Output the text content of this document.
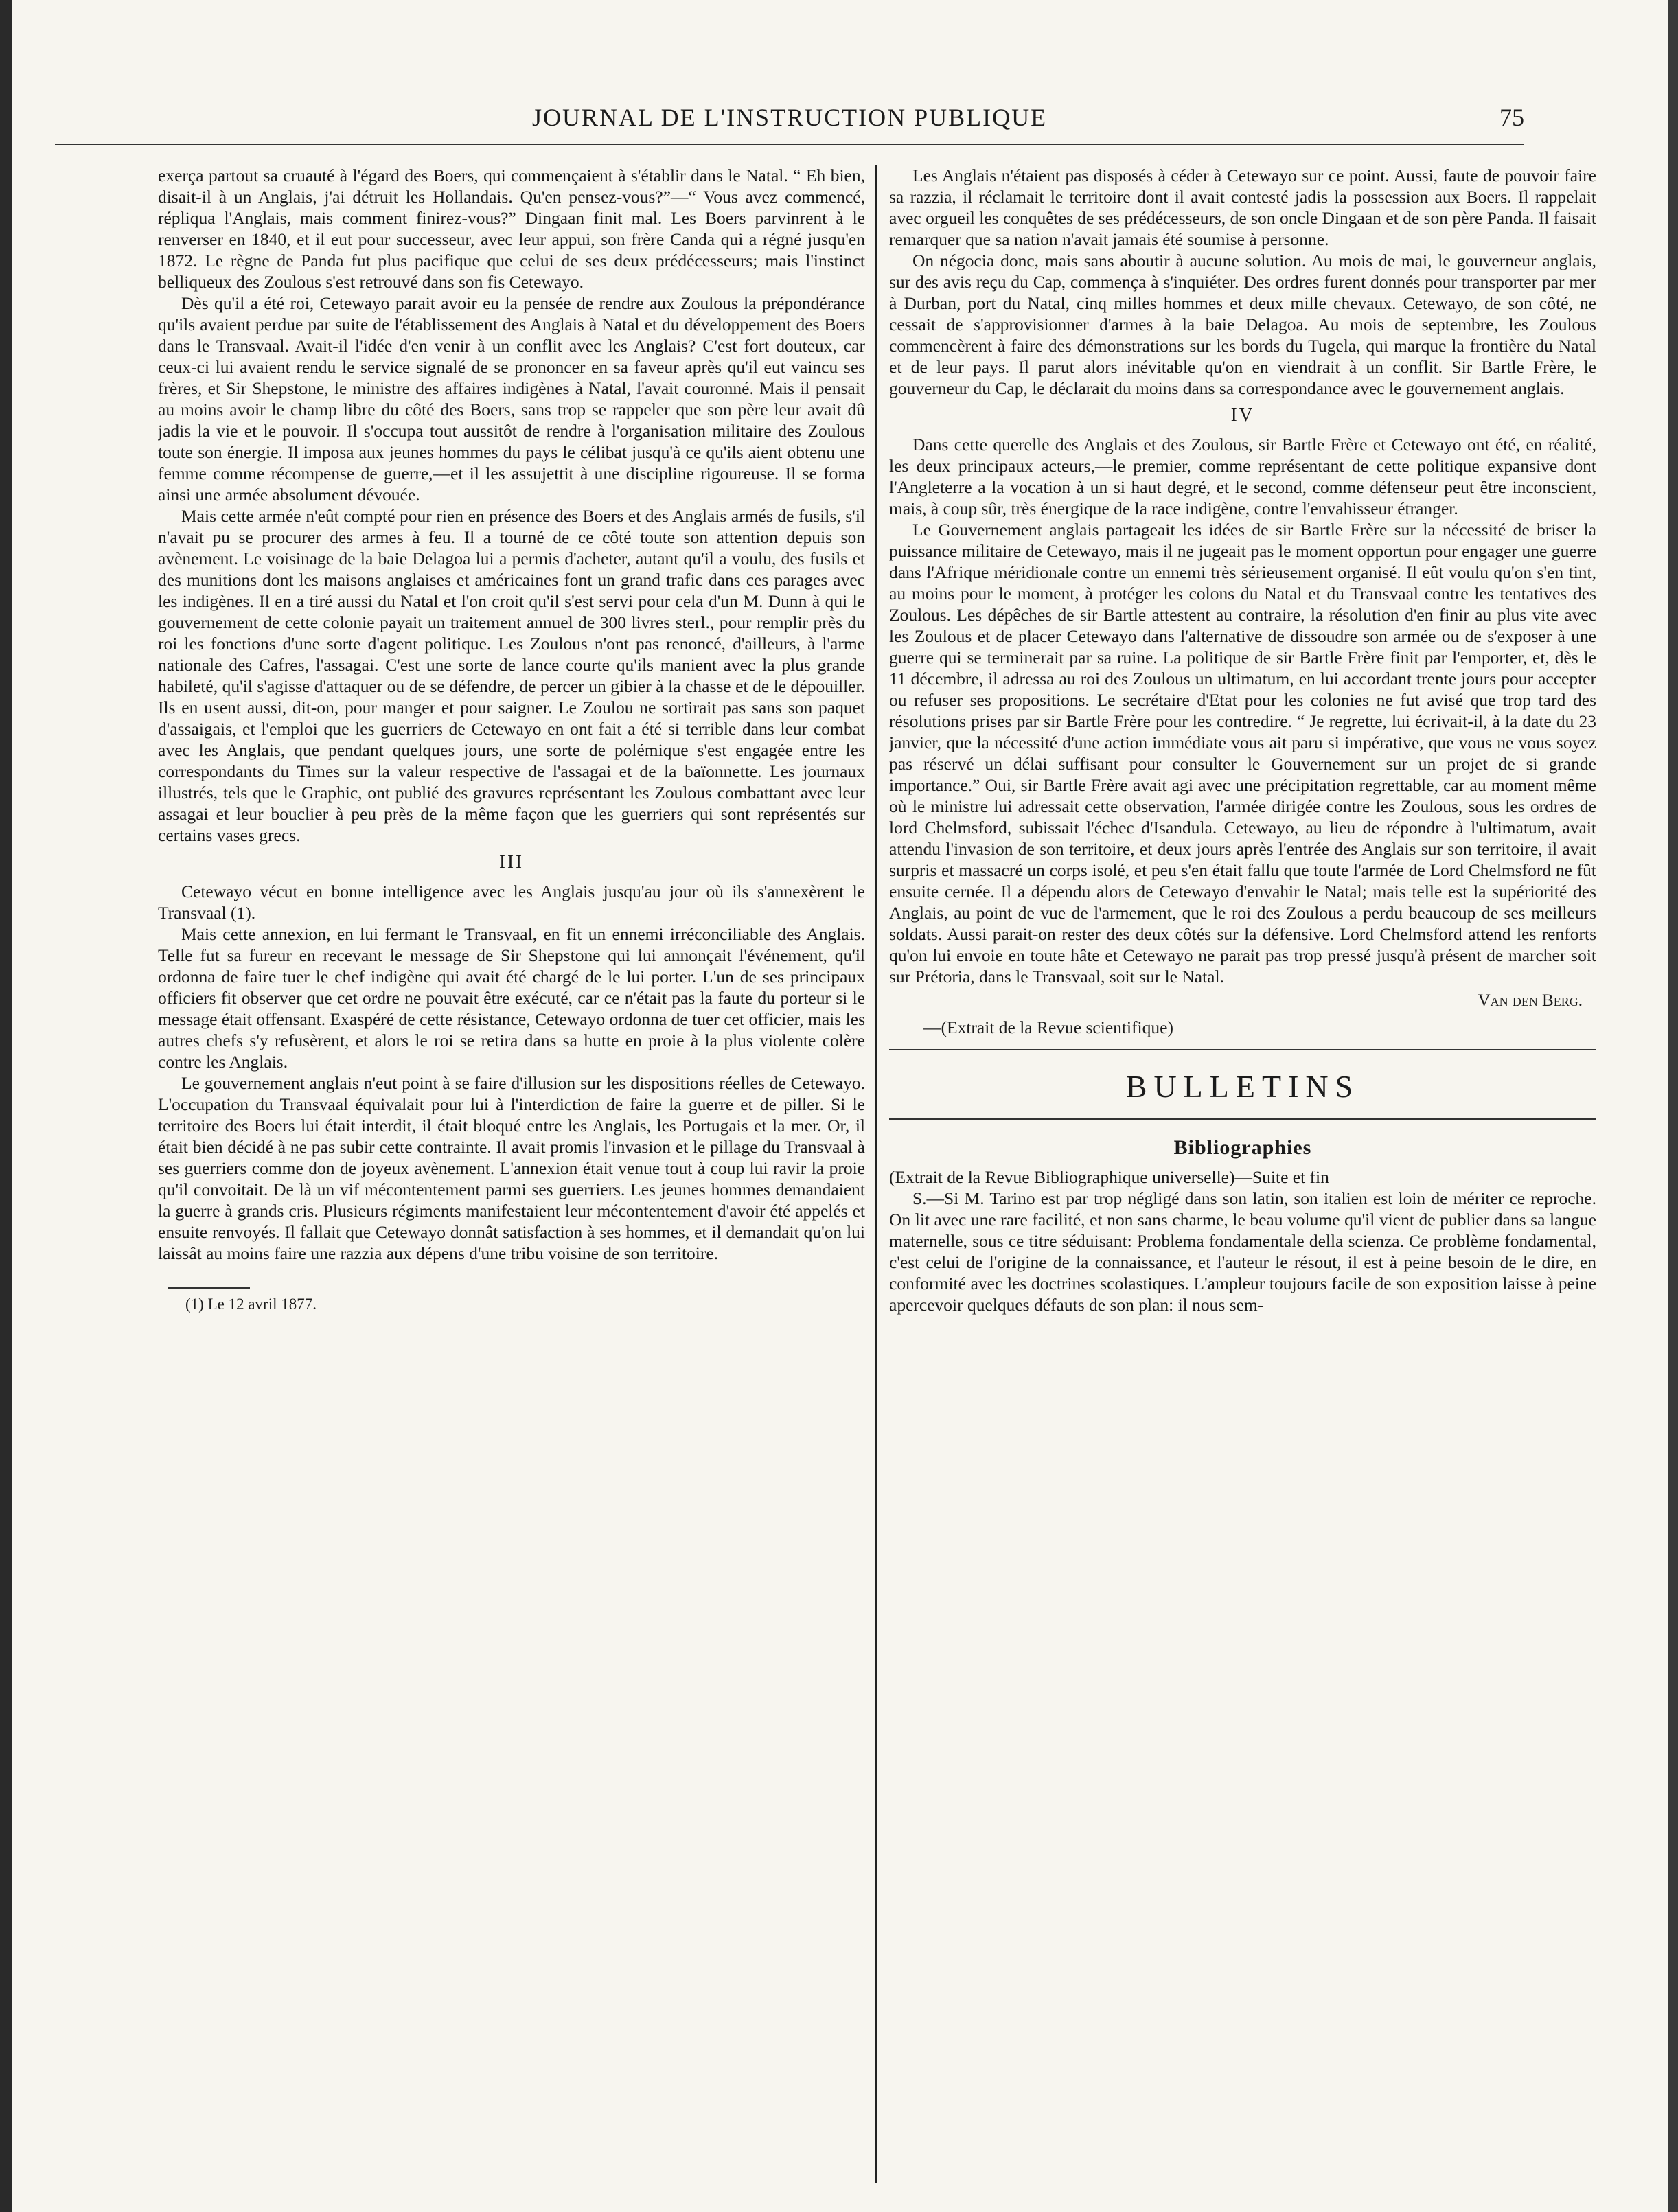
JOURNAL DE L'INSTRUCTION PUBLIQUE	75

exerça partout sa cruauté à l'égard des Boers, qui commençaient à s'établir dans le Natal. “ Eh bien, disait-il à un Anglais, j'ai détruit les Hollandais. Qu'en pensez-vous?”—“ Vous avez commencé, répliqua l'Anglais, mais comment finirez-vous?” Dingaan finit mal. Les Boers parvinrent à le renverser en 1840, et il eut pour successeur, avec leur appui, son frère Canda qui a régné jusqu'en 1872. Le règne de Panda fut plus pacifique que celui de ses deux prédécesseurs; mais l'instinct belliqueux des Zoulous s'est retrouvé dans son fis Cetewayo.

Dès qu'il a été roi, Cetewayo parait avoir eu la pensée de rendre aux Zoulous la prépondérance qu'ils avaient perdue par suite de l'établissement des Anglais à Natal et du développement des Boers dans le Transvaal. Avait-il l'idée d'en venir à un conflit avec les Anglais? C'est fort douteux, car ceux-ci lui avaient rendu le service signalé de se prononcer en sa faveur après qu'il eut vaincu ses frères, et Sir Shepstone, le ministre des affaires indigènes à Natal, l'avait couronné. Mais il pensait au moins avoir le champ libre du côté des Boers, sans trop se rappeler que son père leur avait dû jadis la vie et le pouvoir. Il s'occupa tout aussitôt de rendre à l'organisation militaire des Zoulous toute son énergie. Il imposa aux jeunes hommes du pays le célibat jusqu'à ce qu'ils aient obtenu une femme comme récompense de guerre,—et il les assujettit à une discipline rigoureuse. Il se forma ainsi une armée absolument dévouée.

Mais cette armée n'eût compté pour rien en présence des Boers et des Anglais armés de fusils, s'il n'avait pu se procurer des armes à feu. Il a tourné de ce côté toute son attention depuis son avènement. Le voisinage de la baie Delagoa lui a permis d'acheter, autant qu'il a voulu, des fusils et des munitions dont les maisons anglaises et américaines font un grand trafic dans ces parages avec les indigènes. Il en a tiré aussi du Natal et l'on croit qu'il s'est servi pour cela d'un M. Dunn à qui le gouvernement de cette colonie payait un traitement annuel de 300 livres sterl., pour remplir près du roi les fonctions d'une sorte d'agent politique. Les Zoulous n'ont pas renoncé, d'ailleurs, à l'arme nationale des Cafres, l'assagai. C'est une sorte de lance courte qu'ils manient avec la plus grande habileté, qu'il s'agisse d'attaquer ou de se défendre, de percer un gibier à la chasse et de le dépouiller. Ils en usent aussi, dit-on, pour manger et pour saigner. Le Zoulou ne sortirait pas sans son paquet d'assaigais, et l'emploi que les guerriers de Cetewayo en ont fait a été si terrible dans leur combat avec les Anglais, que pendant quelques jours, une sorte de polémique s'est engagée entre les correspondants du Times sur la valeur respective de l'assagai et de la baïonnette. Les journaux illustrés, tels que le Graphic, ont publié des gravures représentant les Zoulous combattant avec leur assagai et leur bouclier à peu près de la même façon que les guerriers qui sont représentés sur certains vases grecs.

III

Cetewayo vécut en bonne intelligence avec les Anglais jusqu'au jour où ils s'annexèrent le Transvaal (1).

Mais cette annexion, en lui fermant le Transvaal, en fit un ennemi irréconciliable des Anglais. Telle fut sa fureur en recevant le message de Sir Shepstone qui lui annonçait l'événement, qu'il ordonna de faire tuer le chef indigène qui avait été chargé de le lui porter. L'un de ses principaux officiers fit observer que cet ordre ne pouvait être exécuté, car ce n'était pas la faute du porteur si le message était offensant. Exaspéré de cette résistance, Cetewayo ordonna de tuer cet officier, mais les autres chefs s'y refusèrent, et alors le roi se retira dans sa hutte en proie à la plus violente colère contre les Anglais.

Le gouvernement anglais n'eut point à se faire d'illusion sur les dispositions réelles de Cetewayo. L'occupation du Transvaal équivalait pour lui à l'interdiction de faire la guerre et de piller. Si le territoire des Boers lui était interdit, il était bloqué entre les Anglais, les Portugais et la mer. Or, il était bien décidé à ne pas subir cette contrainte. Il avait promis l'invasion et le pillage du Transvaal à ses guerriers comme don de joyeux avènement. L'annexion était venue tout à coup lui ravir la proie qu'il convoitait. De là un vif mécontentement parmi ses guerriers. Les jeunes hommes demandaient la guerre à grands cris. Plusieurs régiments manifestaient leur mécontentement d'avoir été appelés et ensuite renvoyés. Il fallait que Cetewayo donnât satisfaction à ses hommes, et il demandait qu'on lui laissât au moins faire une razzia aux dépens d'une tribu voisine de son territoire.

(1) Le 12 avril 1877.

Les Anglais n'étaient pas disposés à céder à Cetewayo sur ce point. Aussi, faute de pouvoir faire sa razzia, il réclamait le territoire dont il avait contesté jadis la possession aux Boers. Il rappelait avec orgueil les conquêtes de ses prédécesseurs, de son oncle Dingaan et de son père Panda. Il faisait remarquer que sa nation n'avait jamais été soumise à personne.

On négocia donc, mais sans aboutir à aucune solution. Au mois de mai, le gouverneur anglais, sur des avis reçu du Cap, commença à s'inquiéter. Des ordres furent donnés pour transporter par mer à Durban, port du Natal, cinq milles hommes et deux mille chevaux. Cetewayo, de son côté, ne cessait de s'approvisionner d'armes à la baie Delagoa. Au mois de septembre, les Zoulous commencèrent à faire des démonstrations sur les bords du Tugela, qui marque la frontière du Natal et de leur pays. Il parut alors inévitable qu'on en viendrait à un conflit. Sir Bartle Frère, le gouverneur du Cap, le déclarait du moins dans sa correspondance avec le gouvernement anglais.

IV

Dans cette querelle des Anglais et des Zoulous, sir Bartle Frère et Cetewayo ont été, en réalité, les deux principaux acteurs,—le premier, comme représentant de cette politique expansive dont l'Angleterre a la vocation à un si haut degré, et le second, comme défenseur peut être inconscient, mais, à coup sûr, très énergique de la race indigène, contre l'envahisseur étranger.

Le Gouvernement anglais partageait les idées de sir Bartle Frère sur la nécessité de briser la puissance militaire de Cetewayo, mais il ne jugeait pas le moment opportun pour engager une guerre dans l'Afrique méridionale contre un ennemi très sérieusement organisé. Il eût voulu qu'on s'en tint, au moins pour le moment, à protéger les colons du Natal et du Transvaal contre les tentatives des Zoulous. Les dépêches de sir Bartle attestent au contraire, la résolution d'en finir au plus vite avec les Zoulous et de placer Cetewayo dans l'alternative de dissoudre son armée ou de s'exposer à une guerre qui se terminerait par sa ruine. La politique de sir Bartle Frère finit par l'emporter, et, dès le 11 décembre, il adressa au roi des Zoulous un ultimatum, en lui accordant trente jours pour accepter ou refuser ses propositions. Le secrétaire d'Etat pour les colonies ne fut avisé que trop tard des résolutions prises par sir Bartle Frère pour les contredire. “ Je regrette, lui écrivait-il, à la date du 23 janvier, que la nécessité d'une action immédiate vous ait paru si impérative, que vous ne vous soyez pas réservé un délai suffisant pour consulter le Gouvernement sur un projet de si grande importance.” Oui, sir Bartle Frère avait agi avec une précipitation regrettable, car au moment même où le ministre lui adressait cette observation, l'armée dirigée contre les Zoulous, sous les ordres de lord Chelmsford, subissait l'échec d'Isandula. Cetewayo, au lieu de répondre à l'ultimatum, avait attendu l'invasion de son territoire, et deux jours après l'entrée des Anglais sur son territoire, il avait surpris et massacré un corps isolé, et peu s'en était fallu que toute l'armée de Lord Chelmsford ne fût ensuite cernée. Il a dépendu alors de Cetewayo d'envahir le Natal; mais telle est la supériorité des Anglais, au point de vue de l'armement, que le roi des Zoulous a perdu beaucoup de ses meilleurs soldats. Aussi parait-on rester des deux côtés sur la défensive. Lord Chelmsford attend les renforts qu'on lui envoie en toute hâte et Cetewayo ne parait pas trop pressé jusqu'à présent de marcher soit sur Prétoria, dans le Transvaal, soit sur le Natal.

Van den Berg.
—(Extrait de la Revue scientifique)
BULLETINS
Bibliographies

(Extrait de la Revue Bibliographique universelle)—Suite et fin

S.—Si M. Tarino est par trop négligé dans son latin, son italien est loin de mériter ce reproche. On lit avec une rare facilité, et non sans charme, le beau volume qu'il vient de publier dans sa langue maternelle, sous ce titre séduisant: Problema fondamentale della scienza. Ce problème fondamental, c'est celui de l'origine de la connaissance, et l'auteur le résout, il est à peine besoin de le dire, en conformité avec les doctrines scolastiques. L'ampleur toujours facile de son exposition laisse à peine apercevoir quelques défauts de son plan: il nous sem-
